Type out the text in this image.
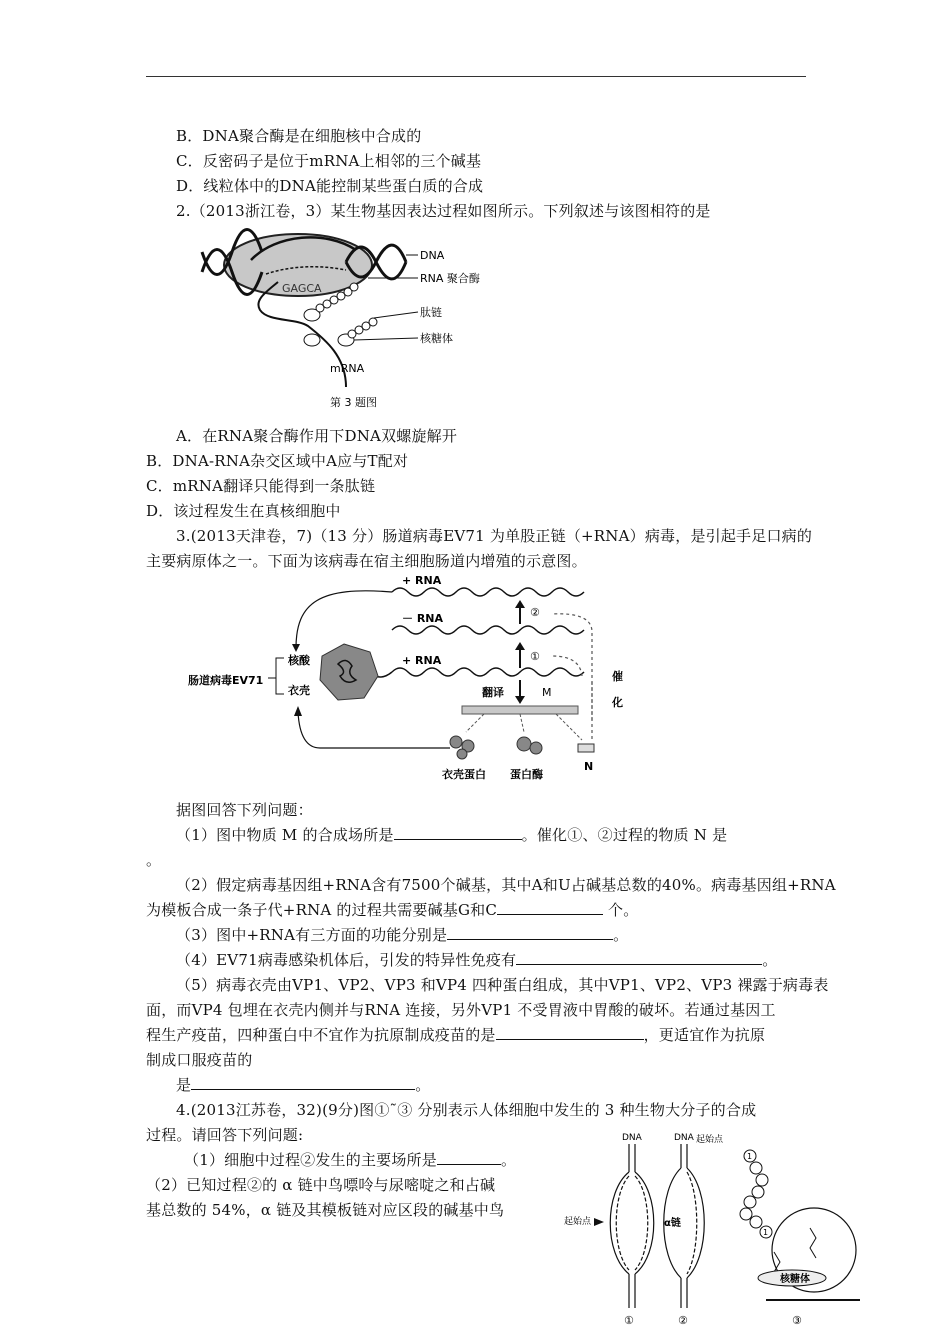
B．DNA聚合酶是在细胞核中合成的
C．反密码子是位于mRNA上相邻的三个碱基
D．线粒体中的DNA能控制某些蛋白质的合成
2.（2013浙江卷，3）某生物基因表达过程如图所示。下列叙述与该图相符的是
DNA
RNA 聚合酶
GAGCA
肽链
核糖体
mRNA
第 3 题图
A．在RNA聚合酶作用下DNA双螺旋解开
B．DNA-RNA杂交区域中A应与T配对
C．mRNA翻译只能得到一条肽链
D．该过程发生在真核细胞中
3.(2013天津卷，7)（13 分）肠道病毒EV71 为单股正链（+RNA）病毒，是引起手足口病的
主要病原体之一。下面为该病毒在宿主细胞肠道内增殖的示意图。
+ RNA
－ RNA
+ RNA
②
①
翻译	M
催
化
核酸
衣壳
肠道病毒EV71
衣壳蛋白 蛋白酶
N
据图回答下列问题：
（1）图中物质 M 的合成场所是	。催化①、②过程的物质 N 是
。
（2）假定病毒基因组+RNA含有7500个碱基，其中A和U占碱基总数的40%。病毒基因组+RNA
为模板合成一条子代+RNA 的过程共需要碱基G和C	个。
（3）图中+RNA有三方面的功能分别是	。
（4）EV71病毒感染机体后，引发的特异性免疫有	。
（5）病毒衣壳由VP1、VP2、VP3 和VP4 四种蛋白组成，其中VP1、VP2、VP3 裸露于病毒表
面，而VP4 包埋在衣壳内侧并与RNA 连接，另外VP1 不受胃液中胃酸的破坏。若通过基因工
程生产疫苗，四种蛋白中不宜作为抗原制成疫苗的是	，更适宜作为抗原
制成口服疫苗的
是	。
4.(2013江苏卷，32)(9分)图①˜③ 分别表示人体细胞中发生的 3 种生物大分子的合成
过程。请回答下列问题:
（1）细胞中过程②发生的主要场所是	。
（2）已知过程②的 α 链中鸟嘌呤与尿嘧啶之和占碱
基总数的 54%，α 链及其模板链对应区段的碱基中鸟
DNA	DNA
起始点
起始点
α链
1
1
核糖体
①	②	③
